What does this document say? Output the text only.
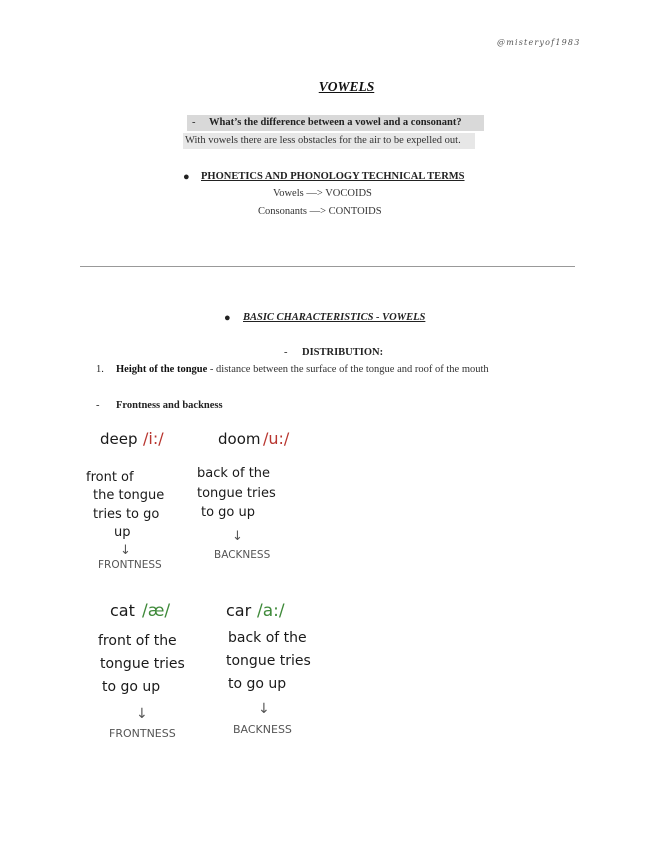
@misteryof1983
VOWELS
- What’s the difference between a vowel and a consonant?
With vowels there are less obstacles for the air to be expelled out.
● PHONETICS AND PHONOLOGY TECHNICAL TERMS
Vowels —> VOCOIDS
Consonants —> CONTOIDS
● BASIC CHARACTERISTICS - VOWELS
- DISTRIBUTION:
1. Height of the tongue - distance between the surface of the tongue and roof of the mouth
- Frontness and backness
deep /i:/
front of
the tongue
tries to go
up
↓
FRONTNESS
doom /u:/
back of the
tongue tries
to go up
↓
BACKNESS
cat /æ/
front of the
tongue tries
to go up
↓
FRONTNESS
car /a:/
back of the
tongue tries
to go up
↓
BACKNESS
